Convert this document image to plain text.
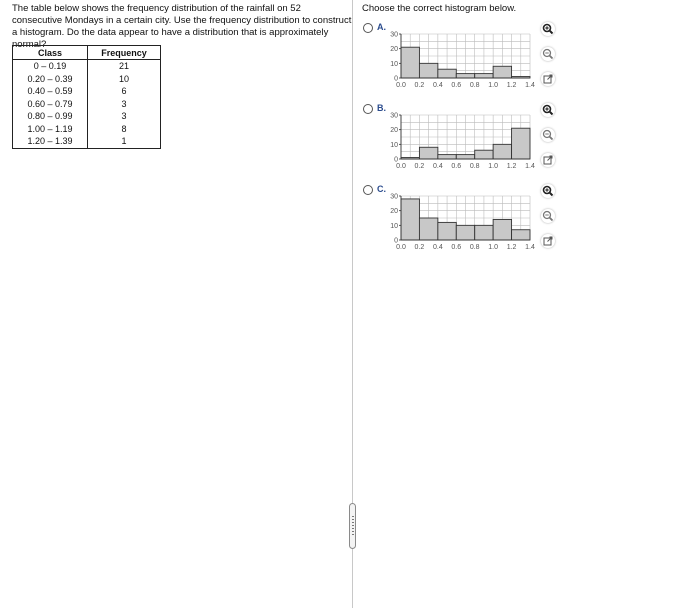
The table below shows the frequency distribution of the rainfall on 52 consecutive Mondays in a certain city. Use the frequency distribution to construct a histogram. Do the data appear to have a distribution that is approximately normal?

Class	Frequency
0 – 0.19	21
0.20 – 0.39	10
0.40 – 0.59	6
0.60 – 0.79	3
0.80 – 0.99	3
1.00 – 1.19	8
1.20 – 1.39	1

Choose the correct histogram below.

A.
0
10
20
30
0.0 0.2 0.4 0.6 0.8 1.0 1.2 1.4
B.
0
10
20
30
0.0 0.2 0.4 0.6 0.8 1.0 1.2 1.4
C.
0
10
20
30
0.0 0.2 0.4 0.6 0.8 1.0 1.2 1.4
